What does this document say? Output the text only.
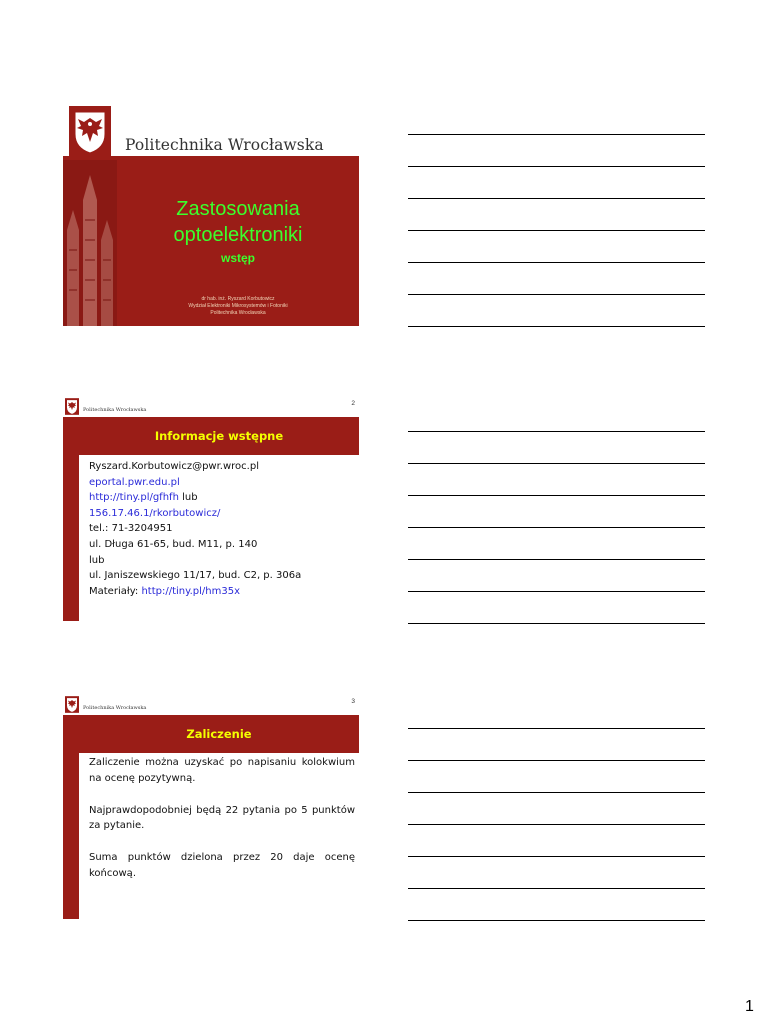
Politechnika Wrocławska
Zastosowania
optoelektroniki
wstęp
dr hab. inż. Ryszard Korbutowicz
Wydział Elektroniki Mikrosystemów i Fotoniki
Politechnika Wrocławska
Politechnika Wrocławska
2
Informacje wstępne
Ryszard.Korbutowicz@pwr.wroc.pl
eportal.pwr.edu.pl
http://tiny.pl/gfhfh lub
156.17.46.1/rkorbutowicz/
tel.: 71-3204951
ul. Długa 61-65, bud. M11, p. 140
lub
ul. Janiszewskiego 11/17, bud. C2, p. 306a
Materiały: http://tiny.pl/hm35x
Politechnika Wrocławska
3
Zaliczenie

Zaliczenie można uzyskać po napisaniu kolokwium na ocenę pozytywną.

Najprawdopodobniej będą 22 pytania po 5 punktów za pytanie.

Suma punktów dzielona przez 20 daje ocenę końcową.

1
